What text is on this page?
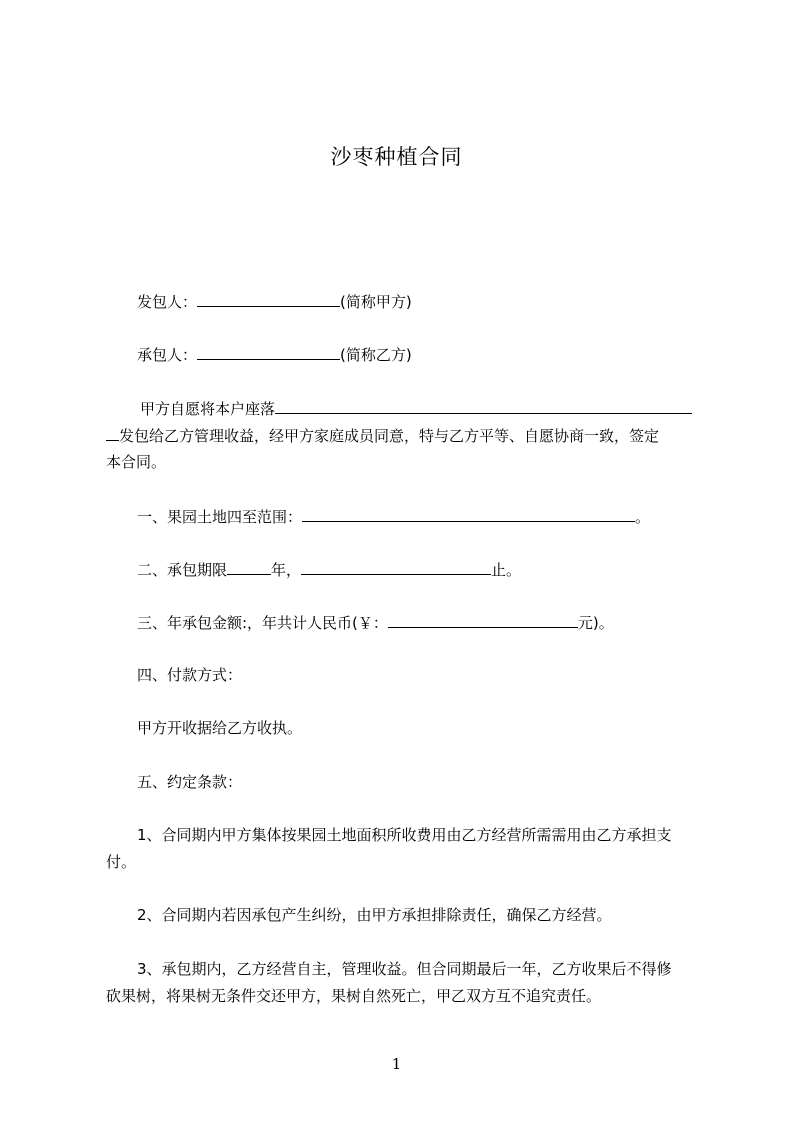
沙枣种植合同
发包人：	(简称甲方)
承包人：	(简称乙方)
甲方自愿将本户座落
发包给乙方管理收益，经甲方家庭成员同意，特与乙方平等、自愿协商一致，签定
本合同。
一、果园土地四至范围：	。
二、承包期限	年，	止。
三、年承包金额:，年共计人民币(￥：	元)。
四、付款方式：
甲方开收据给乙方收执。
五、约定条款：
1、合同期内甲方集体按果园土地面积所收费用由乙方经营所需需用由乙方承担支
付。
2、合同期内若因承包产生纠纷，由甲方承担排除责任，确保乙方经营。
3、承包期内，乙方经营自主，管理收益。但合同期最后一年，乙方收果后不得修
砍果树，将果树无条件交还甲方，果树自然死亡，甲乙双方互不追究责任。
1
